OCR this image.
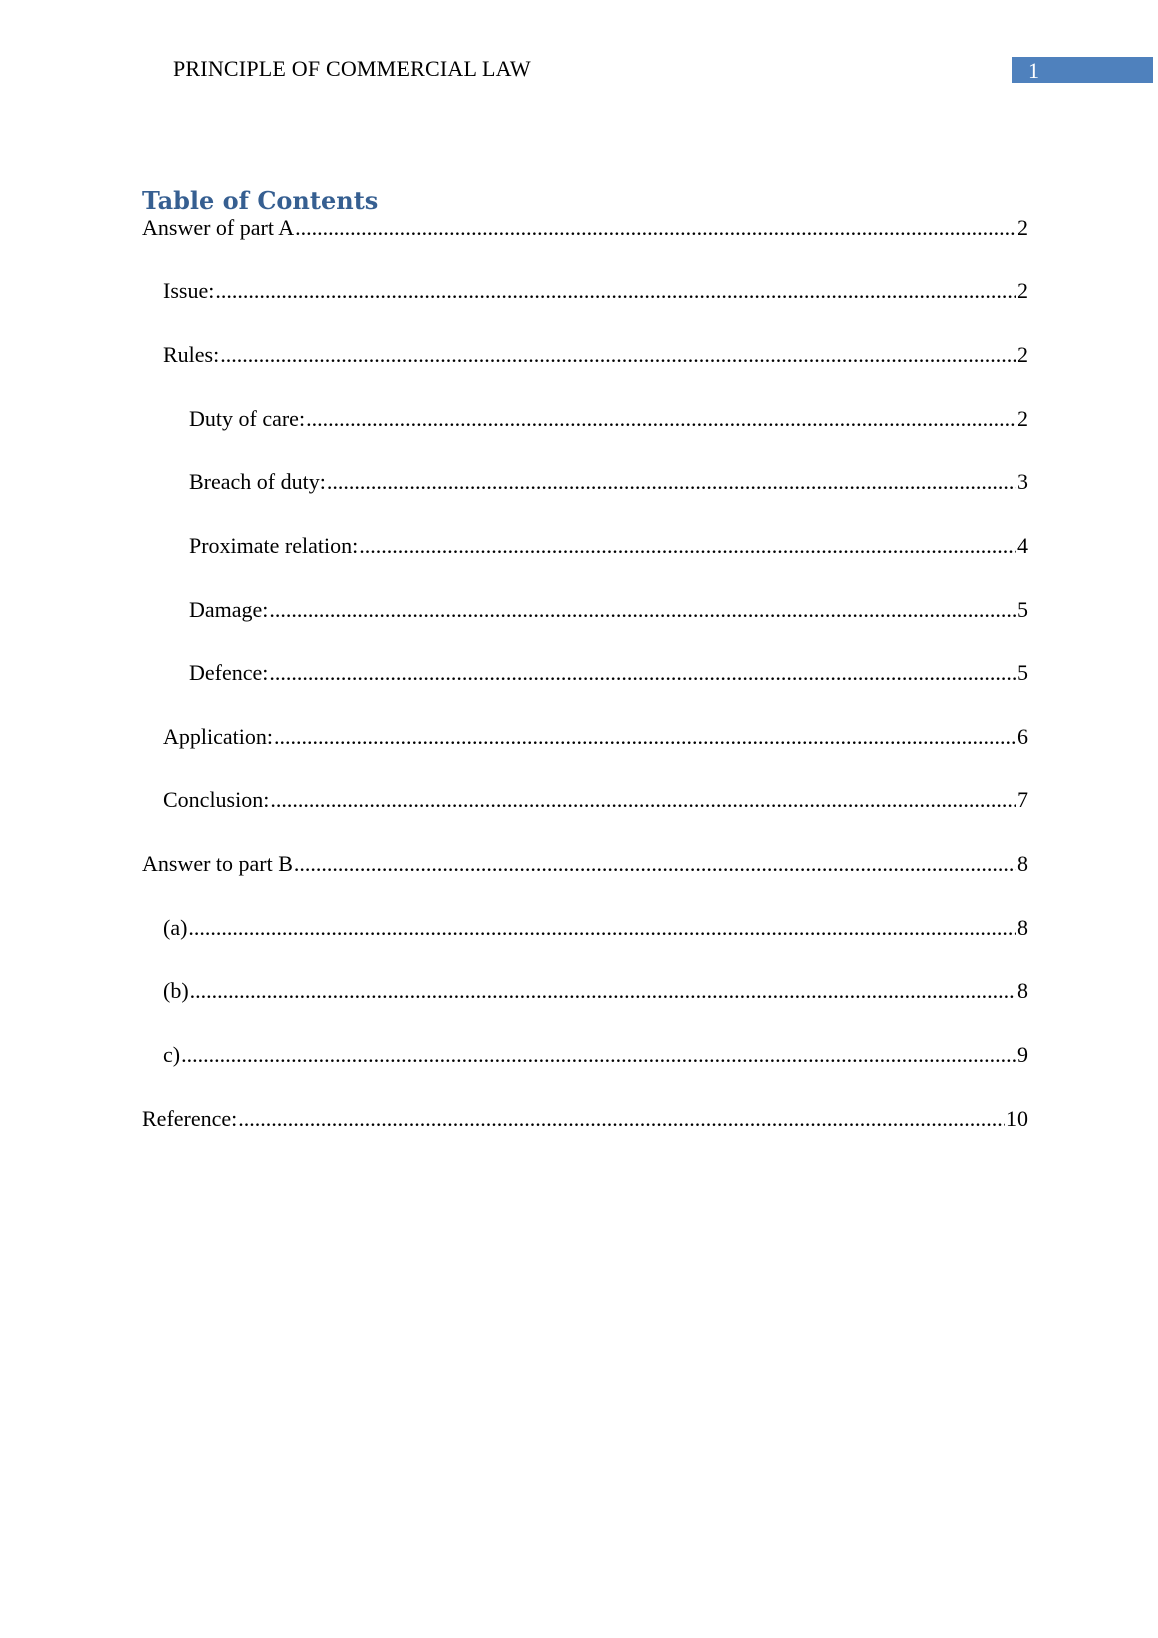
PRINCIPLE OF COMMERCIAL LAW	1
Table of Contents
Answer of part A .....	2
Issue: .....	2
Rules: .....	2
Duty of care: .....	2
Breach of duty: .....	3
Proximate relation: .....	4
Damage: .....	5
Defence: .....	5
Application: .....	6
Conclusion: .....	7
Answer to part B .....	8
(a) .....	8
(b) .....	8
c) .....	9
Reference: .....	10
